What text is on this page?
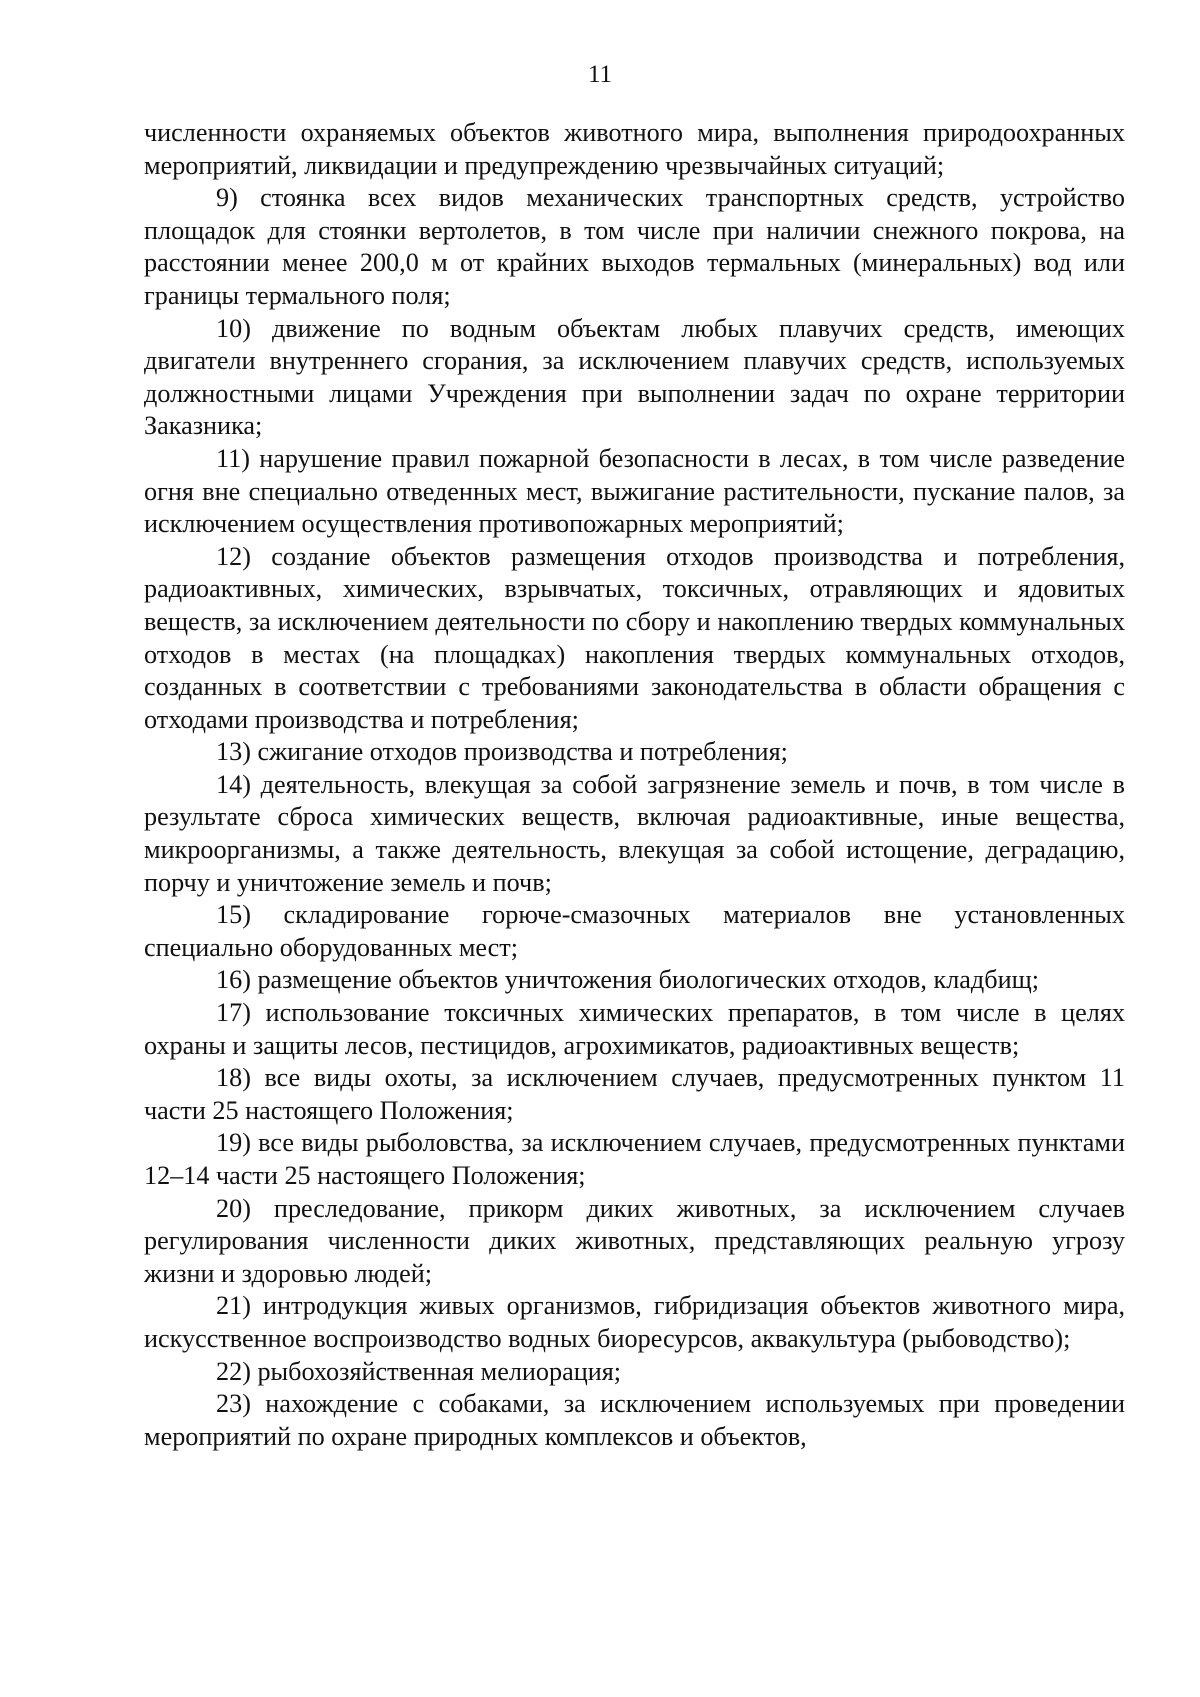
11

численности охраняемых объектов животного мира, выполнения природоохранных мероприятий, ликвидации и предупреждению чрезвычайных ситуаций;

9) стоянка всех видов механических транспортных средств, устройство площадок для стоянки вертолетов, в том числе при наличии снежного покрова, на расстоянии менее 200,0 м от крайних выходов термальных (минеральных) вод или границы термального поля;

10) движение по водным объектам любых плавучих средств, имеющих двигатели внутреннего сгорания, за исключением плавучих средств, используемых должностными лицами Учреждения при выполнении задач по охране территории Заказника;

11) нарушение правил пожарной безопасности в лесах, в том числе разведение огня вне специально отведенных мест, выжигание растительности, пускание палов, за исключением осуществления противопожарных мероприятий;

12) создание объектов размещения отходов производства и потребления, радиоактивных, химических, взрывчатых, токсичных, отравляющих и ядовитых веществ, за исключением деятельности по сбору и накоплению твердых коммунальных отходов в местах (на площадках) накопления твердых коммунальных отходов, созданных в соответствии с требованиями законодательства в области обращения с отходами производства и потребления;

13) сжигание отходов производства и потребления;

14) деятельность, влекущая за собой загрязнение земель и почв, в том числе в результате сброса химических веществ, включая радиоактивные, иные вещества, микроорганизмы, а также деятельность, влекущая за собой истощение, деградацию, порчу и уничтожение земель и почв;

15) складирование горюче-смазочных материалов вне установленных специально оборудованных мест;

16) размещение объектов уничтожения биологических отходов, кладбищ;

17) использование токсичных химических препаратов, в том числе в целях охраны и защиты лесов, пестицидов, агрохимикатов, радиоактивных веществ;

18) все виды охоты, за исключением случаев, предусмотренных пунктом 11 части 25 настоящего Положения;

19) все виды рыболовства, за исключением случаев, предусмотренных пунктами 12–14 части 25 настоящего Положения;

20) преследование, прикорм диких животных, за исключением случаев регулирования численности диких животных, представляющих реальную угрозу жизни и здоровью людей;

21) интродукция живых организмов, гибридизация объектов животного мира, искусственное воспроизводство водных биоресурсов, аквакультура (рыбоводство);

22) рыбохозяйственная мелиорация;

23) нахождение с собаками, за исключением используемых при проведении мероприятий по охране природных комплексов и объектов,
